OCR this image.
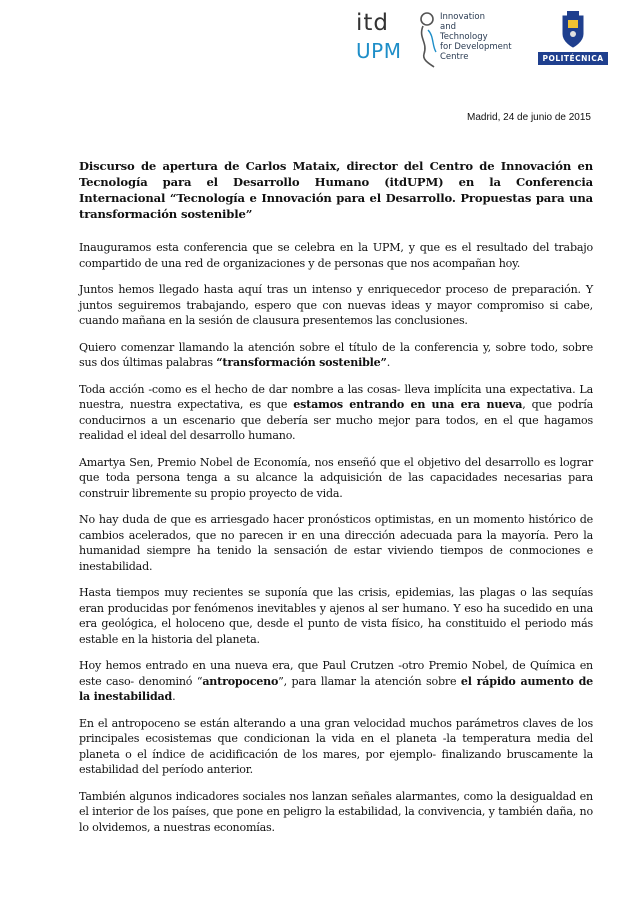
itd
UPM
Innovation
and
Technology
for Development
Centre	POLITÉCNICA
Madrid, 24 de junio de 2015

Discurso de apertura de Carlos Mataix, director del Centro de Innovación en Tecnología para el Desarrollo Humano (itdUPM) en la Conferencia Internacional “Tecnología e Innovación para el Desarrollo. Propuestas para una transformación sostenible”

Inauguramos esta conferencia que se celebra en la UPM, y que es el resultado del trabajo compartido de una red de organizaciones y de personas que nos acompañan hoy.

Juntos hemos llegado hasta aquí tras un intenso y enriquecedor proceso de preparación. Y juntos seguiremos trabajando, espero que con nuevas ideas y mayor compromiso si cabe, cuando mañana en la sesión de clausura presentemos las conclusiones.

Quiero comenzar llamando la atención sobre el título de la conferencia y, sobre todo, sobre sus dos últimas palabras “transformación sostenible”.

Toda acción -como es el hecho de dar nombre a las cosas- lleva implícita una expectativa. La nuestra, nuestra expectativa, es que estamos entrando en una era nueva, que podría conducirnos a un escenario que debería ser mucho mejor para todos, en el que hagamos realidad el ideal del desarrollo humano.

Amartya Sen, Premio Nobel de Economía, nos enseñó que el objetivo del desarrollo es lograr que toda persona tenga a su alcance la adquisición de las capacidades necesarias para construir libremente su propio proyecto de vida.

No hay duda de que es arriesgado hacer pronósticos optimistas, en un momento histórico de cambios acelerados, que no parecen ir en una dirección adecuada para la mayoría. Pero la humanidad siempre ha tenido la sensación de estar viviendo tiempos de conmociones e inestabilidad.

Hasta tiempos muy recientes se suponía que las crisis, epidemias, las plagas o las sequías eran producidas por fenómenos inevitables y ajenos al ser humano. Y eso ha sucedido en una era geológica, el holoceno que, desde el punto de vista físico, ha constituido el periodo más estable en la historia del planeta.

Hoy hemos entrado en una nueva era, que Paul Crutzen -otro Premio Nobel, de Química en este caso- denominó “antropoceno”, para llamar la atención sobre el rápido aumento de la inestabilidad.

En el antropoceno se están alterando a una gran velocidad muchos parámetros claves de los principales ecosistemas que condicionan la vida en el planeta -la temperatura media del planeta o el índice de acidificación de los mares, por ejemplo- finalizando bruscamente la estabilidad del período anterior.

También algunos indicadores sociales nos lanzan señales alarmantes, como la desigualdad en el interior de los países, que pone en peligro la estabilidad, la convivencia, y también daña, no lo olvidemos, a nuestras economías.
